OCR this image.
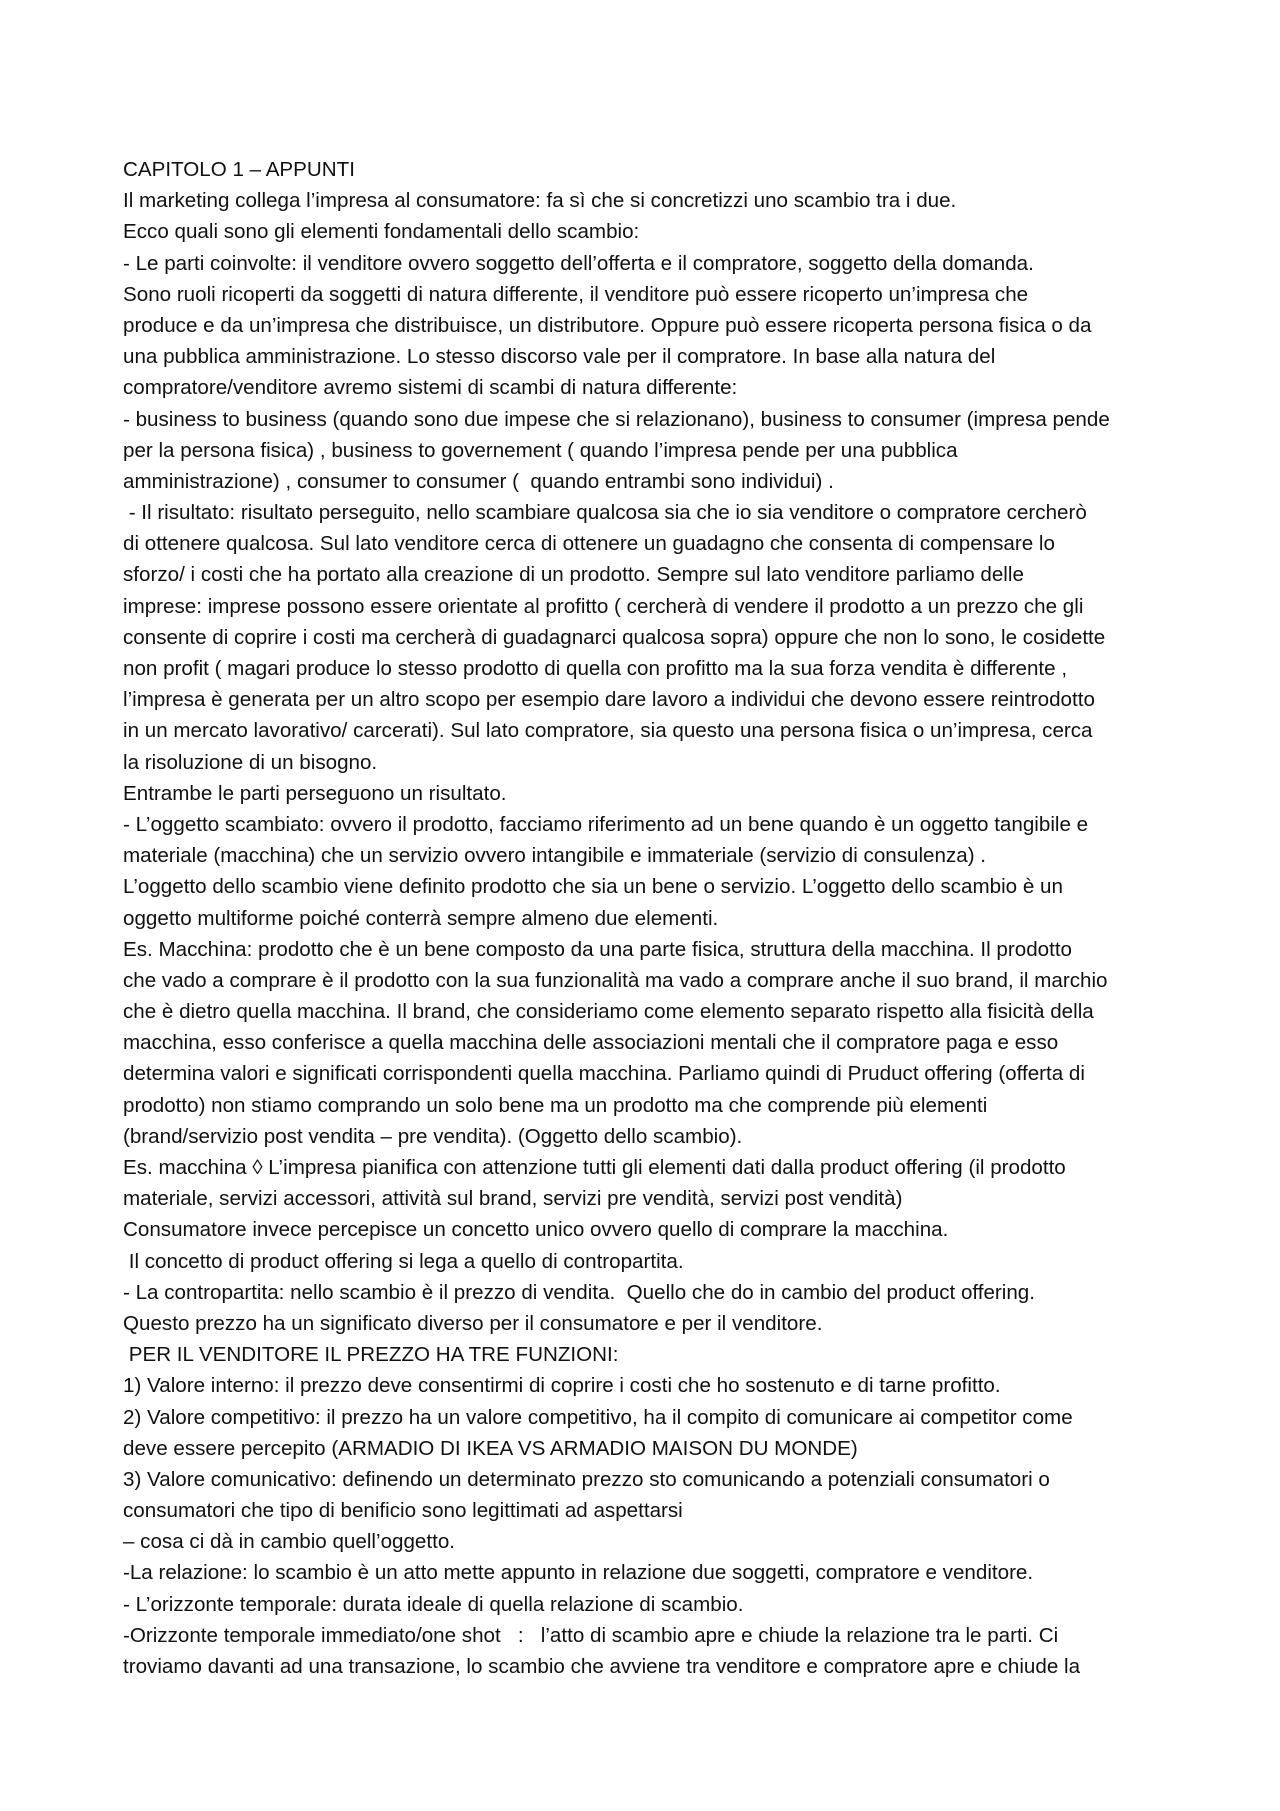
CAPITOLO 1 – APPUNTI
Il marketing collega l’impresa al consumatore: fa sì che si concretizzi uno scambio tra i due.
Ecco quali sono gli elementi fondamentali dello scambio:
- Le parti coinvolte: il venditore ovvero soggetto dell’offerta e il compratore, soggetto della domanda.
Sono ruoli ricoperti da soggetti di natura differente, il venditore può essere ricoperto un’impresa che
produce e da un’impresa che distribuisce, un distributore. Oppure può essere ricoperta persona fisica o da
una pubblica amministrazione. Lo stesso discorso vale per il compratore. In base alla natura del
compratore/venditore avremo sistemi di scambi di natura differente:
- business to business (quando sono due impese che si relazionano), business to consumer (impresa pende
per la persona fisica) , business to governement ( quando l’impresa pende per una pubblica
amministrazione) , consumer to consumer (  quando entrambi sono individui) .
- Il risultato: risultato perseguito, nello scambiare qualcosa sia che io sia venditore o compratore cercherò
di ottenere qualcosa. Sul lato venditore cerca di ottenere un guadagno che consenta di compensare lo
sforzo/ i costi che ha portato alla creazione di un prodotto. Sempre sul lato venditore parliamo delle
imprese: imprese possono essere orientate al profitto ( cercherà di vendere il prodotto a un prezzo che gli
consente di coprire i costi ma cercherà di guadagnarci qualcosa sopra) oppure che non lo sono, le cosidette
non profit ( magari produce lo stesso prodotto di quella con profitto ma la sua forza vendita è differente ,
l’impresa è generata per un altro scopo per esempio dare lavoro a individui che devono essere reintrodotto
in un mercato lavorativo/ carcerati). Sul lato compratore, sia questo una persona fisica o un’impresa, cerca
la risoluzione di un bisogno.
Entrambe le parti perseguono un risultato.
- L’oggetto scambiato: ovvero il prodotto, facciamo riferimento ad un bene quando è un oggetto tangibile e
materiale (macchina) che un servizio ovvero intangibile e immateriale (servizio di consulenza) .
L’oggetto dello scambio viene definito prodotto che sia un bene o servizio. L’oggetto dello scambio è un
oggetto multiforme poiché conterrà sempre almeno due elementi.
Es. Macchina: prodotto che è un bene composto da una parte fisica, struttura della macchina. Il prodotto
che vado a comprare è il prodotto con la sua funzionalità ma vado a comprare anche il suo brand, il marchio
che è dietro quella macchina. Il brand, che consideriamo come elemento separato rispetto alla fisicità della
macchina, esso conferisce a quella macchina delle associazioni mentali che il compratore paga e esso
determina valori e significati corrispondenti quella macchina. Parliamo quindi di Pruduct offering (offerta di
prodotto) non stiamo comprando un solo bene ma un prodotto ma che comprende più elementi
(brand/servizio post vendita – pre vendita). (Oggetto dello scambio).
Es. macchina ◊ L’impresa pianifica con attenzione tutti gli elementi dati dalla product offering (il prodotto
materiale, servizi accessori, attività sul brand, servizi pre vendità, servizi post vendità)
Consumatore invece percepisce un concetto unico ovvero quello di comprare la macchina.
Il concetto di product offering si lega a quello di contropartita.
- La contropartita: nello scambio è il prezzo di vendita.  Quello che do in cambio del product offering.
Questo prezzo ha un significato diverso per il consumatore e per il venditore.
PER IL VENDITORE IL PREZZO HA TRE FUNZIONI:
1) Valore interno: il prezzo deve consentirmi di coprire i costi che ho sostenuto e di tarne profitto.
2) Valore competitivo: il prezzo ha un valore competitivo, ha il compito di comunicare ai competitor come
deve essere percepito (ARMADIO DI IKEA VS ARMADIO MAISON DU MONDE)
3) Valore comunicativo: definendo un determinato prezzo sto comunicando a potenziali consumatori o
consumatori che tipo di benificio sono legittimati ad aspettarsi
– cosa ci dà in cambio quell’oggetto.
-La relazione: lo scambio è un atto mette appunto in relazione due soggetti, compratore e venditore.
- L’orizzonte temporale: durata ideale di quella relazione di scambio.
-Orizzonte temporale immediato/one shot   :   l’atto di scambio apre e chiude la relazione tra le parti. Ci
troviamo davanti ad una transazione, lo scambio che avviene tra venditore e compratore apre e chiude la
